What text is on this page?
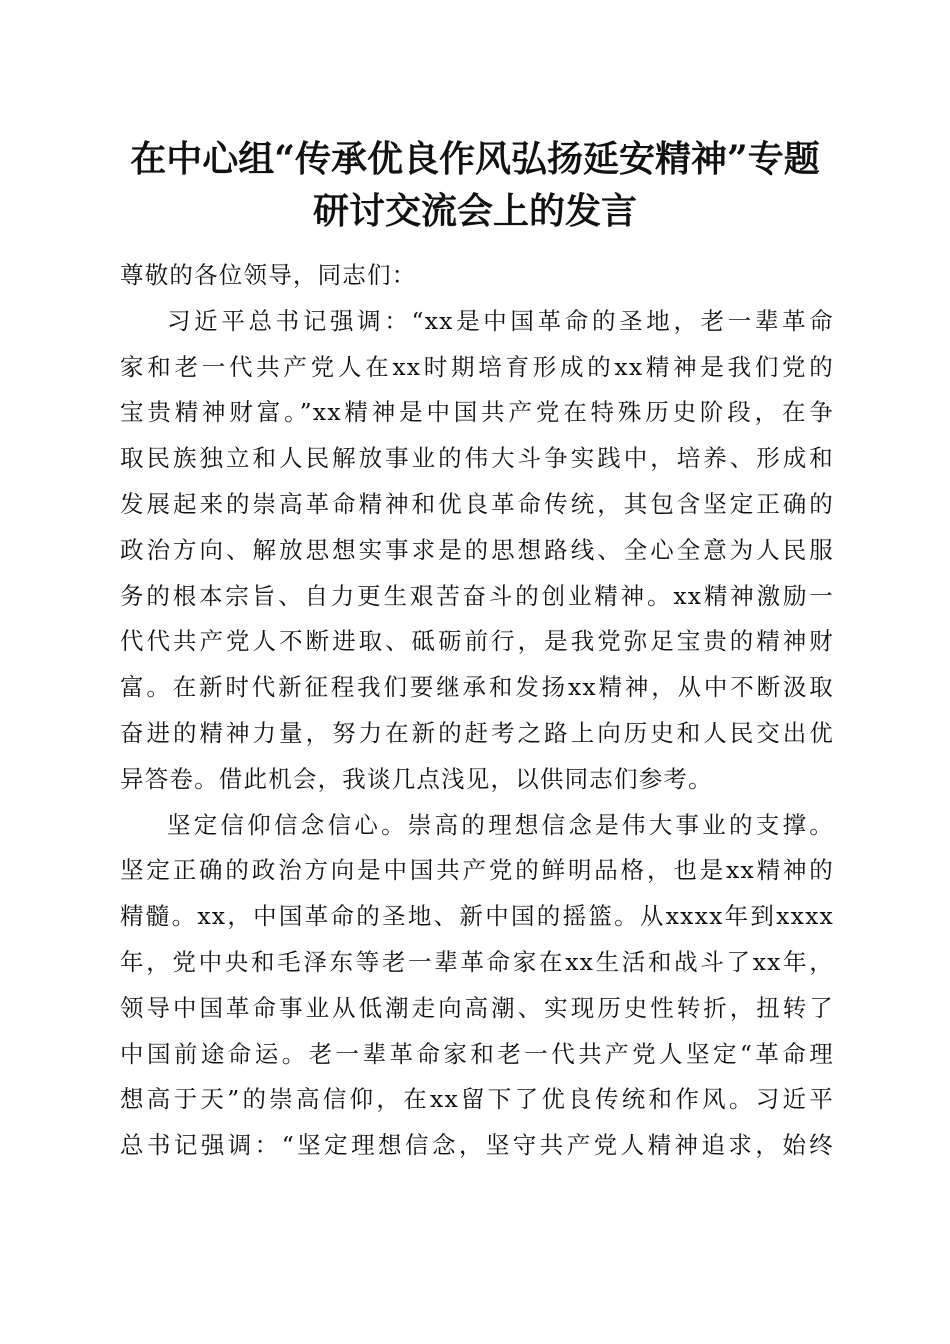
在中心组“传承优良作风弘扬延安精神”专题
研讨交流会上的发言

尊敬的各位领导，同志们：

习近平总书记强调：“xx是中国革命的圣地，老一辈革命
家和老一代共产党人在xx时期培育形成的xx精神是我们党的
宝贵精神财富。”xx精神是中国共产党在特殊历史阶段，在争
取民族独立和人民解放事业的伟大斗争实践中，培养、形成和
发展起来的崇高革命精神和优良革命传统，其包含坚定正确的
政治方向、解放思想实事求是的思想路线、全心全意为人民服
务的根本宗旨、自力更生艰苦奋斗的创业精神。xx精神激励一
代代共产党人不断进取、砥砺前行，是我党弥足宝贵的精神财
富。在新时代新征程我们要继承和发扬xx精神，从中不断汲取
奋进的精神力量，努力在新的赶考之路上向历史和人民交出优
异答卷。借此机会，我谈几点浅见，以供同志们参考。

坚定信仰信念信心。崇高的理想信念是伟大事业的支撑。
坚定正确的政治方向是中国共产党的鲜明品格，也是xx精神的
精髓。xx，中国革命的圣地、新中国的摇篮。从xxxx年到xxxx
年，党中央和毛泽东等老一辈革命家在xx生活和战斗了xx年，
领导中国革命事业从低潮走向高潮、实现历史性转折，扭转了
中国前途命运。老一辈革命家和老一代共产党人坚定“革命理
想高于天”的崇高信仰，在xx留下了优良传统和作风。习近平
总书记强调：“坚定理想信念，坚守共产党人精神追求，始终
